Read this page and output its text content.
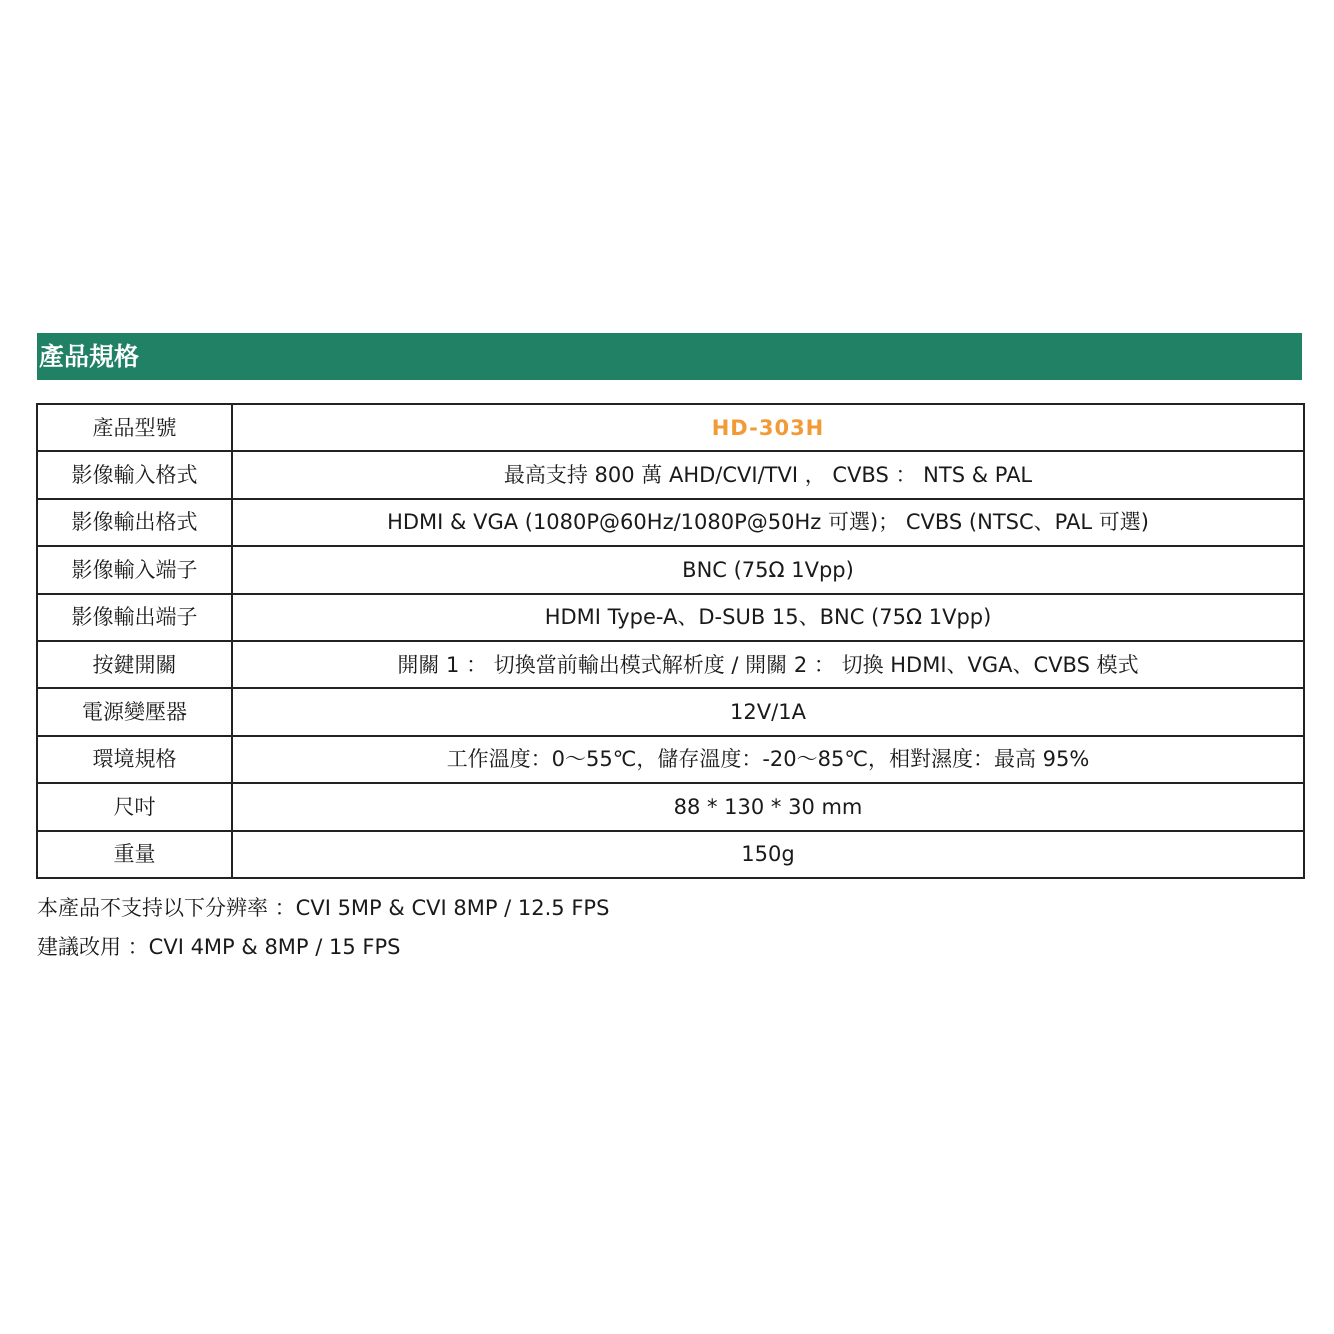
產品規格
產品型號	HD-303H
影像輸入格式	最高支持 800 萬 AHD/CVI/TVI ， CVBS ： NTS & PAL
影像輸出格式	HDMI & VGA (1080P@60Hz/1080P@50Hz 可選)； CVBS (NTSC、PAL 可選)
影像輸入端子	BNC (75Ω 1Vpp)
影像輸出端子	HDMI Type-A、D-SUB 15、BNC (75Ω 1Vpp)
按鍵開關	開關 1 ： 切換當前輸出模式解析度 / 開關 2 ： 切換 HDMI、VGA、CVBS 模式
電源變壓器	12V/1A
環境規格	工作溫度：0～55℃，儲存溫度：-20～85℃，相對濕度：最高 95%
尺吋	88 * 130 * 30 mm
重量	150g
本產品不支持以下分辨率 ：CVI 5MP & CVI 8MP / 12.5 FPS
建議改用 ：CVI 4MP & 8MP / 15 FPS
